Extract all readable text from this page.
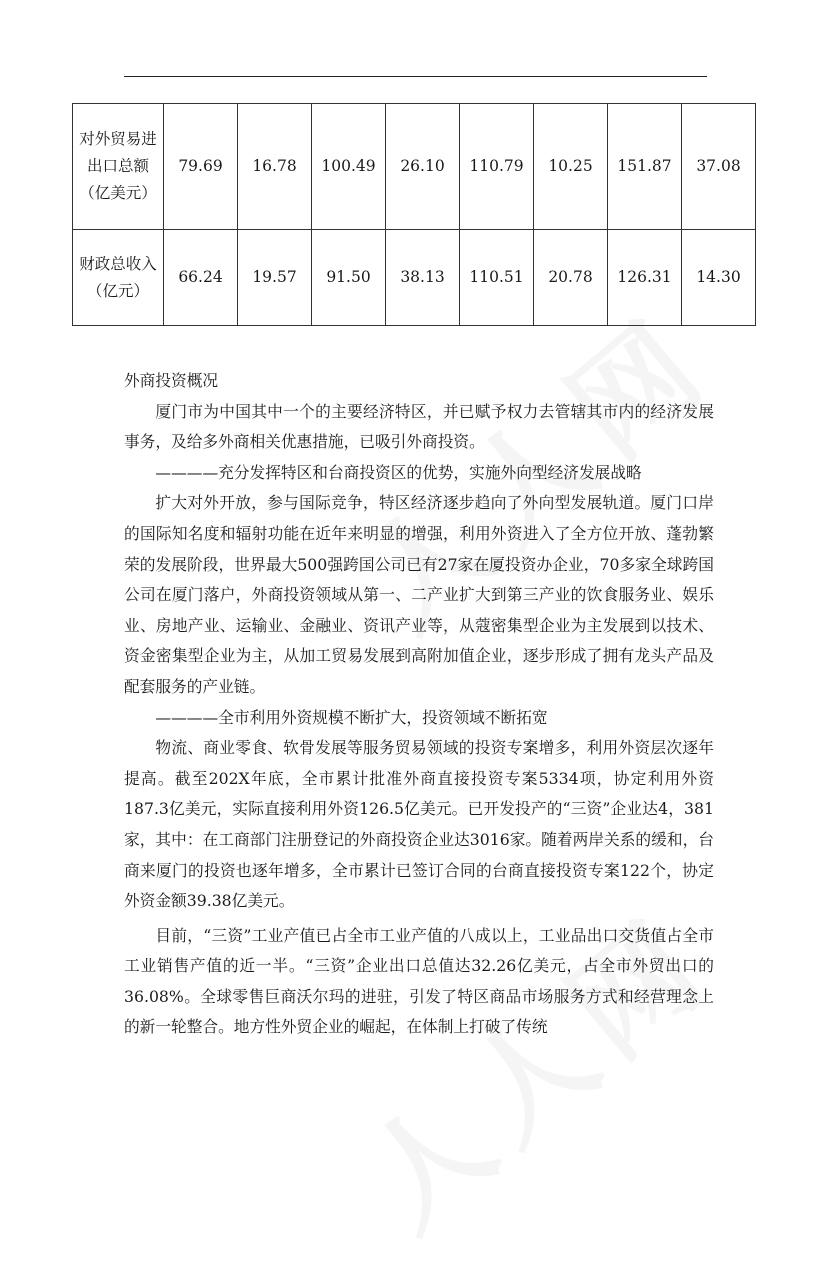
对外贸易进出口总额（亿美元）	79.69	16.78	100.49	26.10	110.79	10.25	151.87	37.08
财政总收入（亿元）	66.24	19.57	91.50	38.13	110.51	20.78	126.31	14.30

外商投资概况

厦门市为中国其中一个的主要经济特区，并已赋予权力去管辖其市内的经济发展事务，及给多外商相关优惠措施，已吸引外商投资。

————充分发挥特区和台商投资区的优势，实施外向型经济发展战略

扩大对外开放，参与国际竞争，特区经济逐步趋向了外向型发展轨道。厦门口岸的国际知名度和辐射功能在近年来明显的增强，利用外资进入了全方位开放、蓬勃繁荣的发展阶段，世界最大500强跨国公司已有27家在厦投资办企业，70多家全球跨国公司在厦门落户，外商投资领域从第一、二产业扩大到第三产业的饮食服务业、娱乐业、房地产业、运输业、金融业、资讯产业等，从蔻密集型企业为主发展到以技术、资金密集型企业为主，从加工贸易发展到高附加值企业，逐步形成了拥有龙头产品及配套服务的产业链。

————全市利用外资规模不断扩大，投资领域不断拓宽

物流、商业零食、软骨发展等服务贸易领域的投资专案增多，利用外资层次逐年提高。截至202X年底，全市累计批准外商直接投资专案5334项，协定利用外资187.3亿美元，实际直接利用外资126.5亿美元。已开发投产的“三资”企业达4，381家，其中：在工商部门注册登记的外商投资企业达3016家。随着两岸关系的缓和，台商来厦门的投资也逐年增多，全市累计已签订合同的台商直接投资专案122个，协定外资金额39.38亿美元。

目前，“三资”工业产值已占全市工业产值的八成以上，工业品出口交货值占全市工业销售产值的近一半。“三资”企业出口总值达32.26亿美元，占全市外贸出口的36.08%。全球零售巨商沃尔玛的进驻，引发了特区商品市场服务方式和经营理念上的新一轮整合。地方性外贸企业的崛起，在体制上打破了传统
